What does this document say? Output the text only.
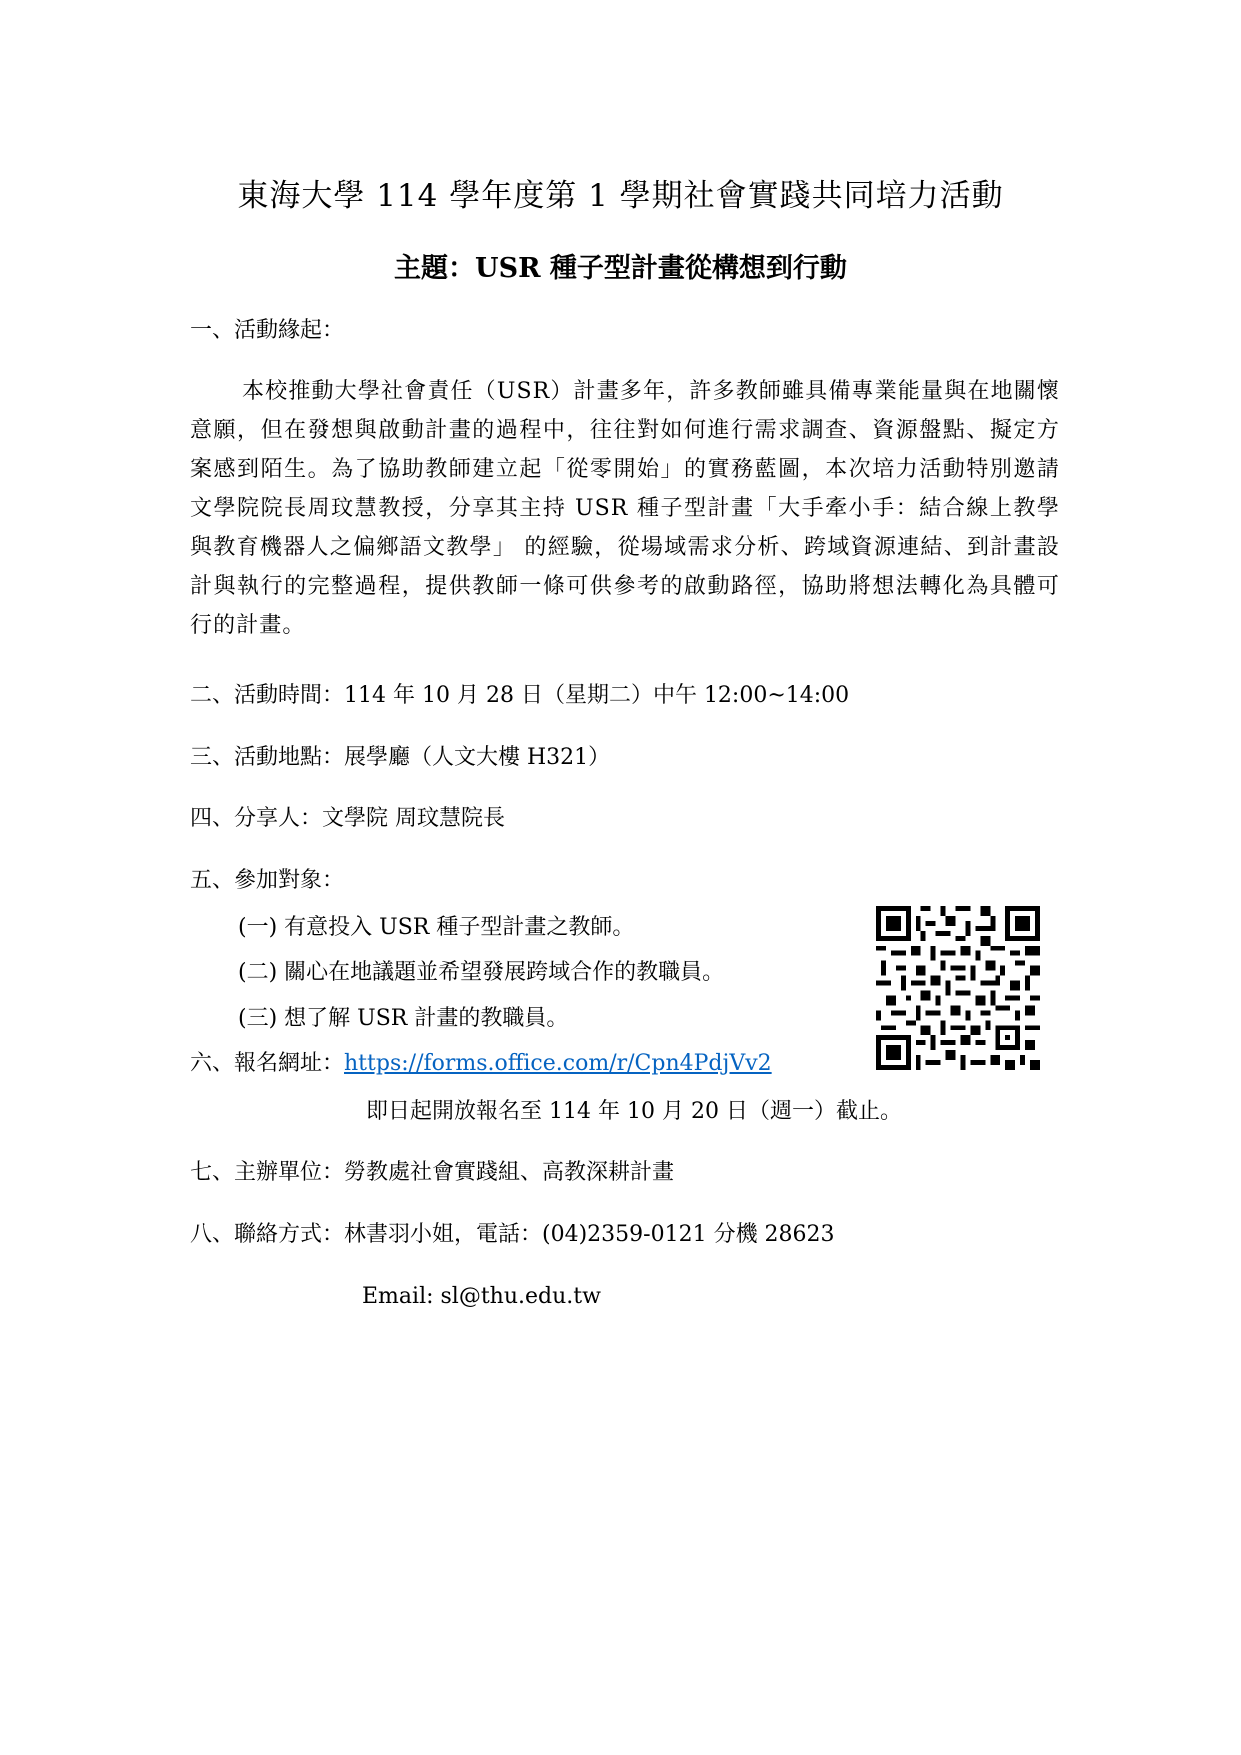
東海大學 114 學年度第 1 學期社會實踐共同培力活動
主題：USR 種子型計畫從構想到行動
一、活動緣起：
本校推動大學社會責任（USR）計畫多年，許多教師雖具備專業能量與在地關懷意願，但在發想與啟動計畫的過程中，往往對如何進行需求調查、資源盤點、擬定方案感到陌生。為了協助教師建立起「從零開始」的實務藍圖，本次培力活動特別邀請文學院院長周玟慧教授，分享其主持 USR 種子型計畫「大手牽小手：結合線上教學與教育機器人之偏鄉語文教學」 的經驗，從場域需求分析、跨域資源連結、到計畫設計與執行的完整過程，提供教師一條可供參考的啟動路徑，協助將想法轉化為具體可行的計畫。
二、活動時間：114 年 10 月 28 日（星期二）中午 12:00~14:00
三、活動地點：展學廳（人文大樓 H321）
四、分享人：文學院 周玟慧院長
五、參加對象：
(一) 有意投入 USR 種子型計畫之教師。
(二) 關心在地議題並希望發展跨域合作的教職員。
(三) 想了解 USR 計畫的教職員。
六、報名網址：https://forms.office.com/r/Cpn4PdjVv2
即日起開放報名至 114 年 10 月 20 日（週一）截止。
七、主辦單位：勞教處社會實踐組、高教深耕計畫
八、聯絡方式：林書羽小姐，電話：(04)2359-0121 分機 28623
Email: sl@thu.edu.tw
